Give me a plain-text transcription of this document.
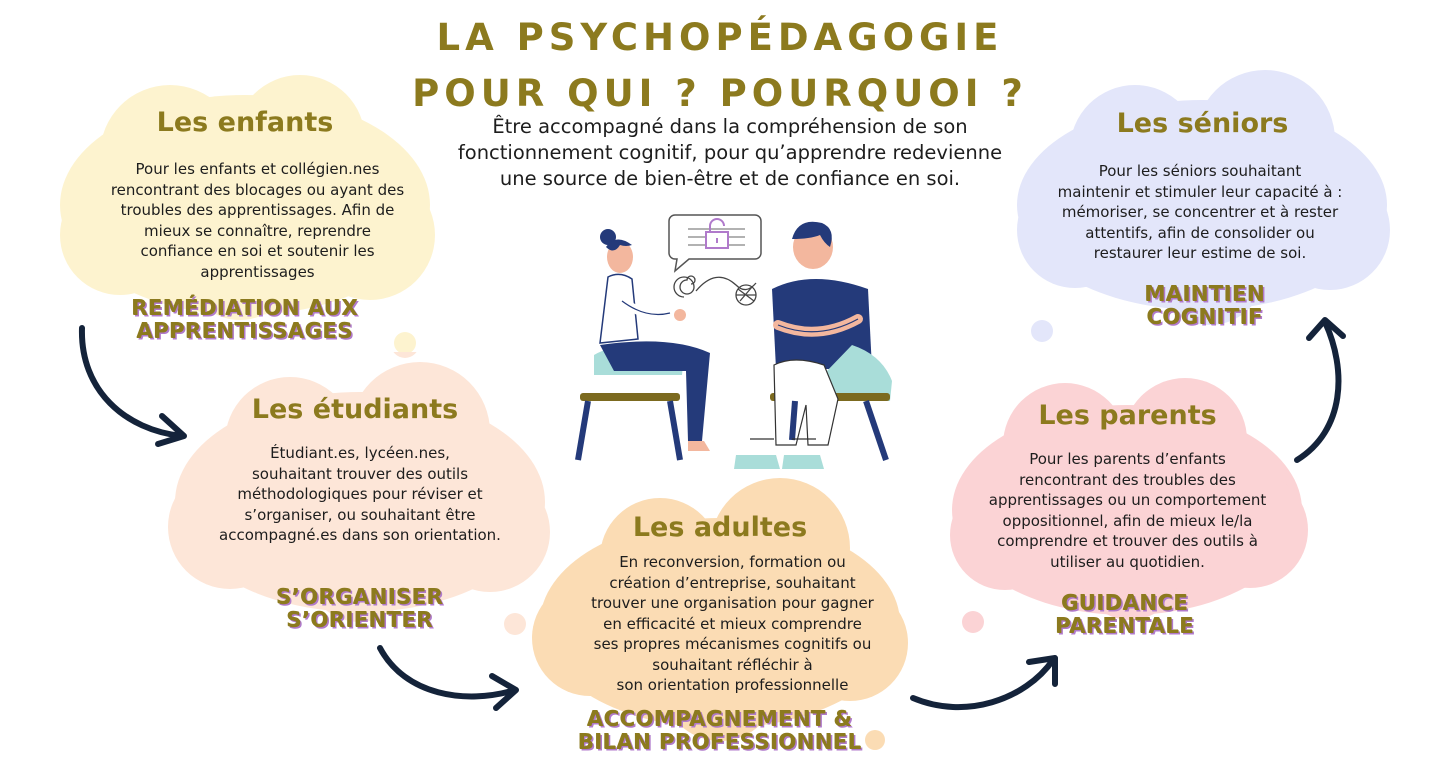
LA PSYCHOPÉDAGOGIE
POUR QUI ? POURQUOI ?
Être accompagné dans la compréhension de son
fonctionnement cognitif, pour qu’apprendre redevienne
une source de bien-être et de confiance en soi.
Les enfants
Pour les enfants et collégien.nes
rencontrant des blocages ou ayant des
troubles des apprentissages. Afin de
mieux se connaître, reprendre
confiance en soi et soutenir les
apprentissages
REMÉDIATION AUX
APPRENTISSAGES
Les étudiants
Étudiant.es, lycéen.nes,
souhaitant trouver des outils
méthodologiques pour réviser et
s’organiser, ou souhaitant être
accompagné.es dans son orientation.
S’ORGANISER
S’ORIENTER
Les adultes
En reconversion, formation ou
création d’entreprise, souhaitant
trouver une organisation pour gagner
en efficacité et mieux comprendre
ses propres mécanismes cognitifs ou
souhaitant réfléchir à
son orientation professionnelle
ACCOMPAGNEMENT &
BILAN PROFESSIONNEL
Les parents
Pour les parents d’enfants
rencontrant des troubles des
apprentissages ou un comportement
oppositionnel, afin de mieux le/la
comprendre et trouver des outils à
utiliser au quotidien.
GUIDANCE
PARENTALE
Les séniors
Pour les séniors souhaitant
maintenir et stimuler leur capacité à :
mémoriser, se concentrer et à rester
attentifs, afin de consolider ou
restaurer leur estime de soi.
MAINTIEN
COGNITIF
